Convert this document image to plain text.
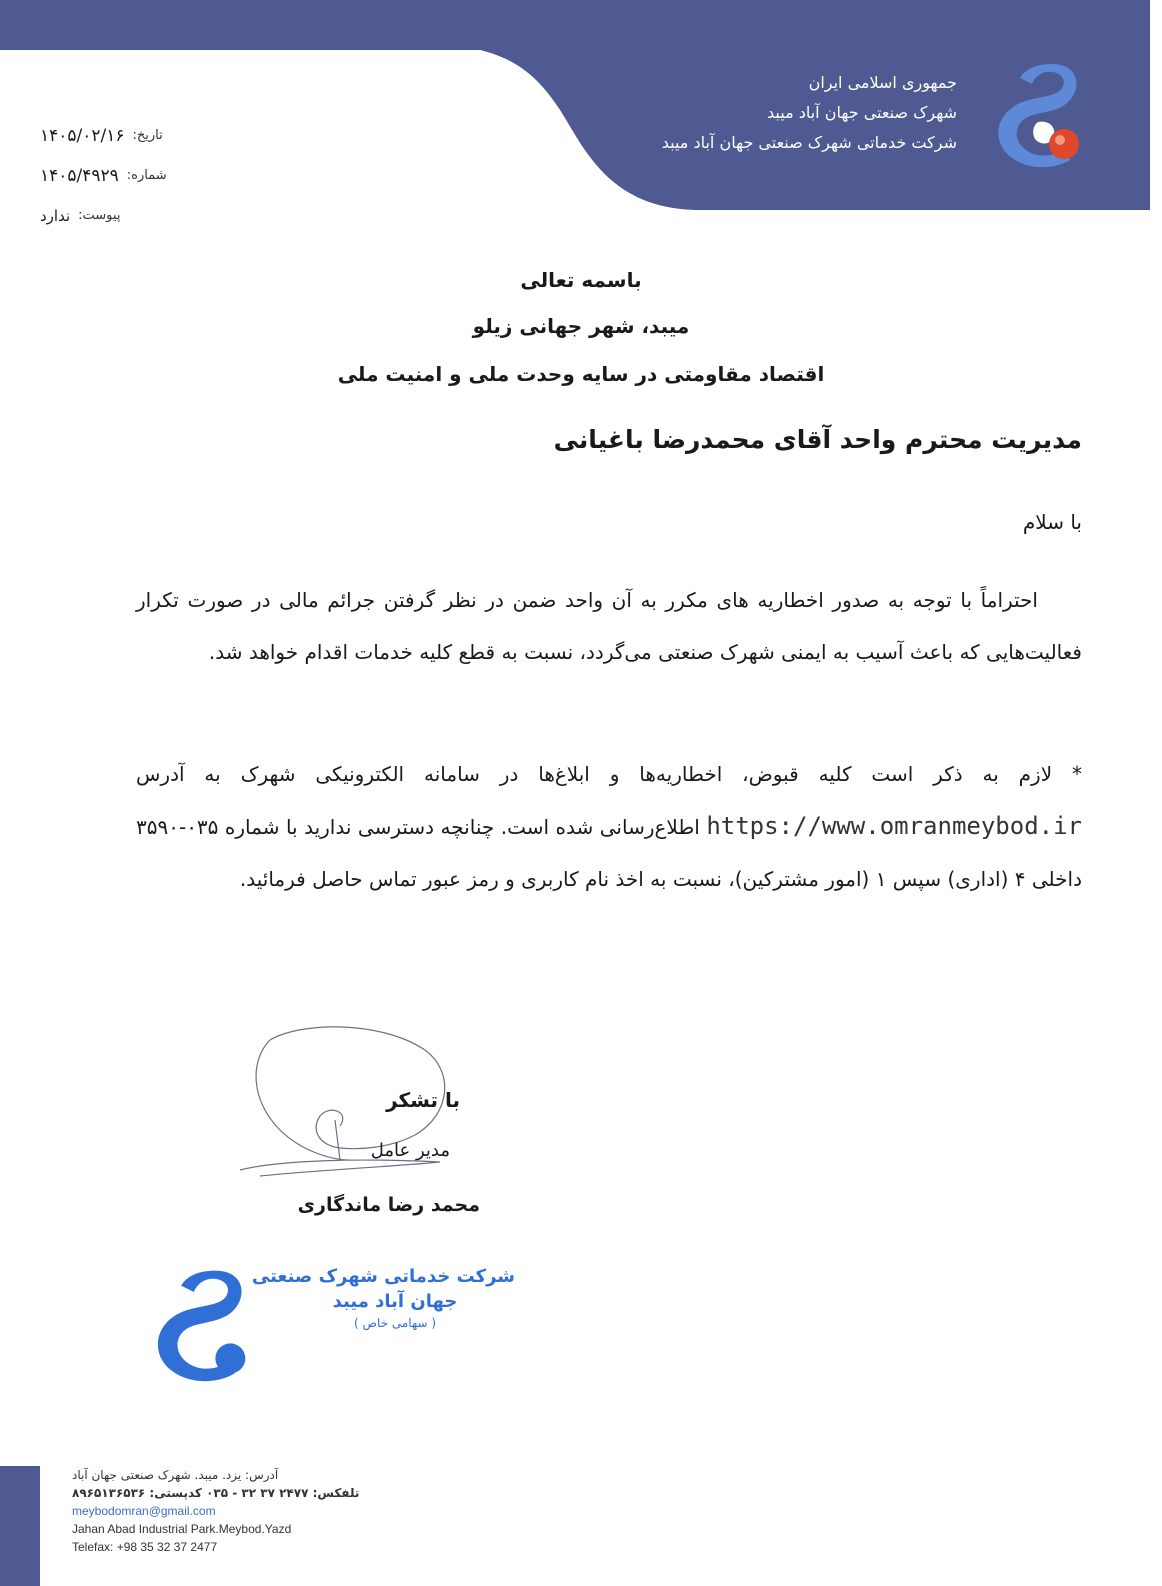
جمهوری اسلامی ایران
شهرک صنعتی جهان آباد میبد
شرکت خدماتی شهرک صنعتی جهان آباد میبد
تاریخ:
۱۴۰۵/۰۲/۱۶
شماره:
۱۴۰۵/۴۹۲۹
پیوست:
ندارد
باسمه تعالی
میبد، شهر جهانی زیلو
اقتصاد مقاومتی در سایه وحدت ملی و امنیت ملی
مدیریت محترم واحد آقای محمدرضا باغیانی
با سلام

احتراماً با توجه به صدور اخطاریه های مکرر به آن واحد ضمن در نظر گرفتن جرائم مالی در صورت تکرار فعالیت‌هایی که باعث آسیب به ایمنی شهرک صنعتی می‌گردد، نسبت به قطع کلیه خدمات اقدام خواهد شد.

* لازم به ذکر است کلیه قبوض، اخطاریه‌ها و ابلاغ‌ها در سامانه الکترونیکی شهرک به آدرس https://www.omranmeybod.ir اطلاع‌رسانی شده است. چنانچه دسترسی ندارید با شماره ۰۳۵-۳۵۹۰ داخلی ۴ (اداری) سپس ۱ (امور مشترکین)، نسبت به اخذ نام کاربری و رمز عبور تماس حاصل فرمائید.

با تشکر
مدیر عامل
محمد رضا ماندگاری
شرکت خدماتی شهرک صنعتی
جهان آباد میبد
( سهامی خاص )
آدرس: یزد. میبد. شهرک صنعتی جهان آباد
تلفکس: ۲۴۷۷ ۳۷ ۳۲ - ۰۳۵ کدپستی: ۸۹۶۵۱۳۶۵۳۶
meybodomran@gmail.com
Jahan Abad Industrial Park.Meybod.Yazd
Telefax: +98 35 32 37 2477
